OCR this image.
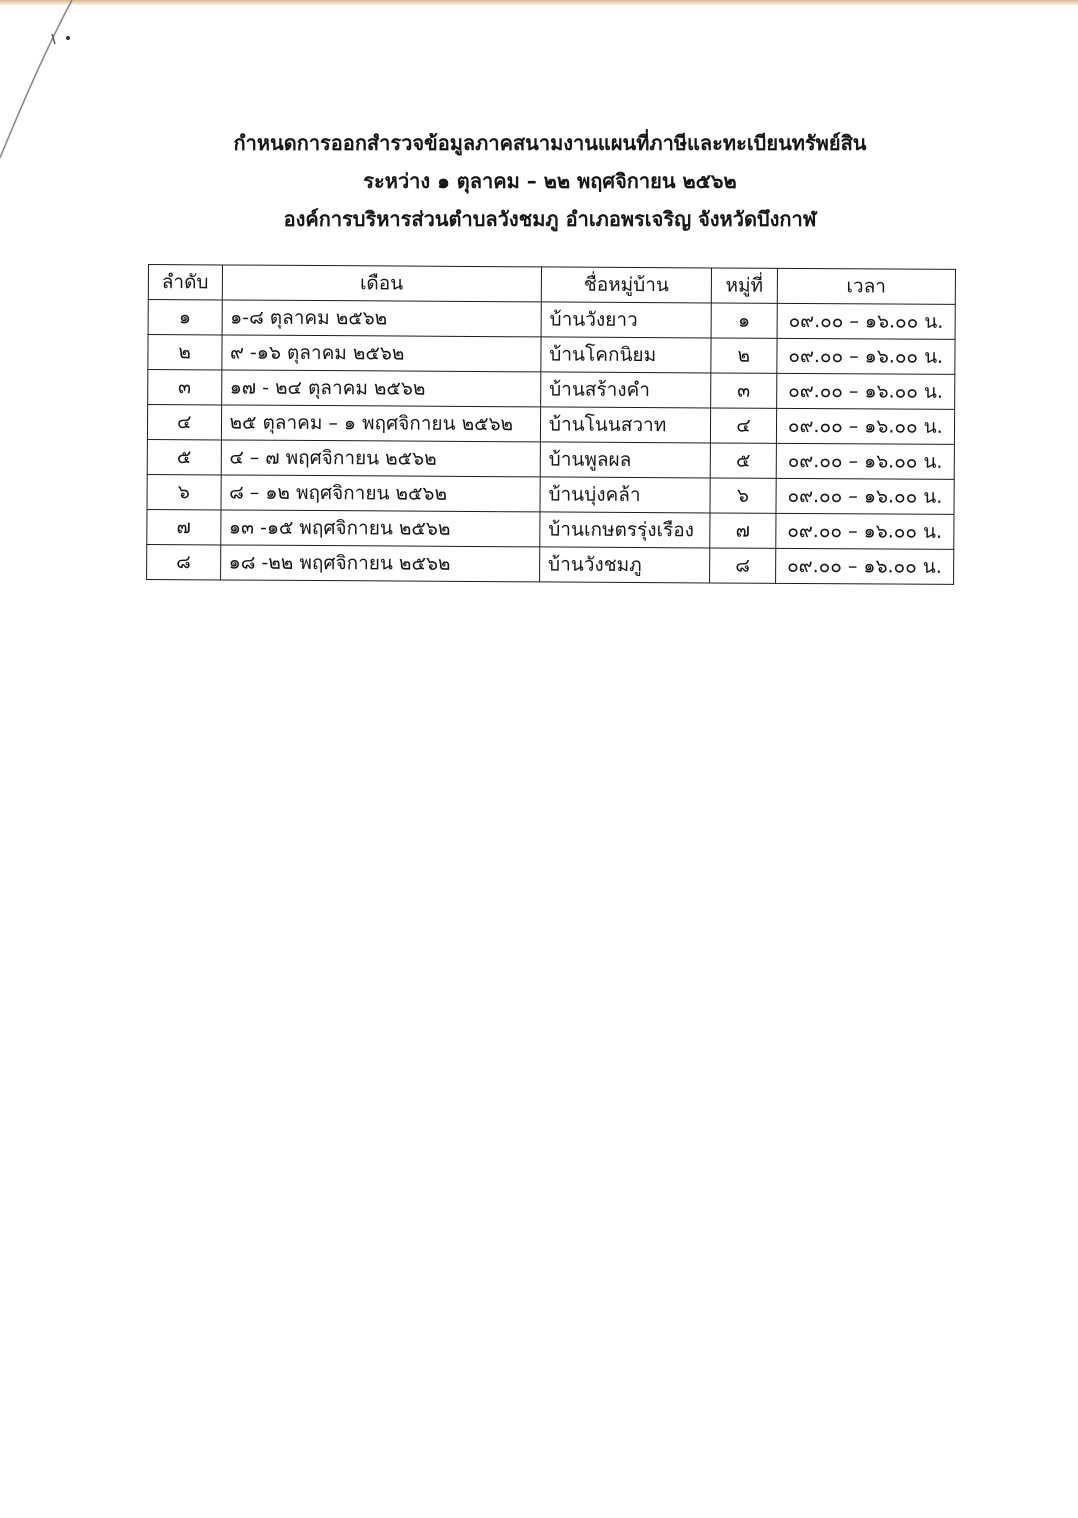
กำหนดการออกสำรวจข้อมูลภาคสนามงานแผนที่ภาษีและทะเบียนทรัพย์สิน
ระหว่าง ๑ ตุลาคม – ๒๒ พฤศจิกายน ๒๕๖๒
องค์การบริหารส่วนตำบลวังชมภู อำเภอพรเจริญ จังหวัดบึงกาฬ
ลำดับ	เดือน	ชื่อหมู่บ้าน	หมู่ที่	เวลา
๑	๑-๘ ตุลาคม ๒๕๖๒	บ้านวังยาว	๑	๐๙.๐๐ – ๑๖.๐๐ น.
๒	๙ -๑๖ ตุลาคม ๒๕๖๒	บ้านโคกนิยม	๒	๐๙.๐๐ – ๑๖.๐๐ น.
๓	๑๗ - ๒๔ ตุลาคม ๒๕๖๒	บ้านสร้างคำ	๓	๐๙.๐๐ – ๑๖.๐๐ น.
๔	๒๕ ตุลาคม – ๑ พฤศจิกายน ๒๕๖๒	บ้านโนนสวาท	๔	๐๙.๐๐ – ๑๖.๐๐ น.
๕	๔ – ๗ พฤศจิกายน ๒๕๖๒	บ้านพูลผล	๕	๐๙.๐๐ – ๑๖.๐๐ น.
๖	๘ – ๑๒ พฤศจิกายน ๒๕๖๒	บ้านบุ่งคล้า	๖	๐๙.๐๐ – ๑๖.๐๐ น.
๗	๑๓ -๑๕ พฤศจิกายน ๒๕๖๒	บ้านเกษตรรุ่งเรือง	๗	๐๙.๐๐ – ๑๖.๐๐ น.
๘	๑๘ -๒๒ พฤศจิกายน ๒๕๖๒	บ้านวังชมภู	๘	๐๙.๐๐ – ๑๖.๐๐ น.
